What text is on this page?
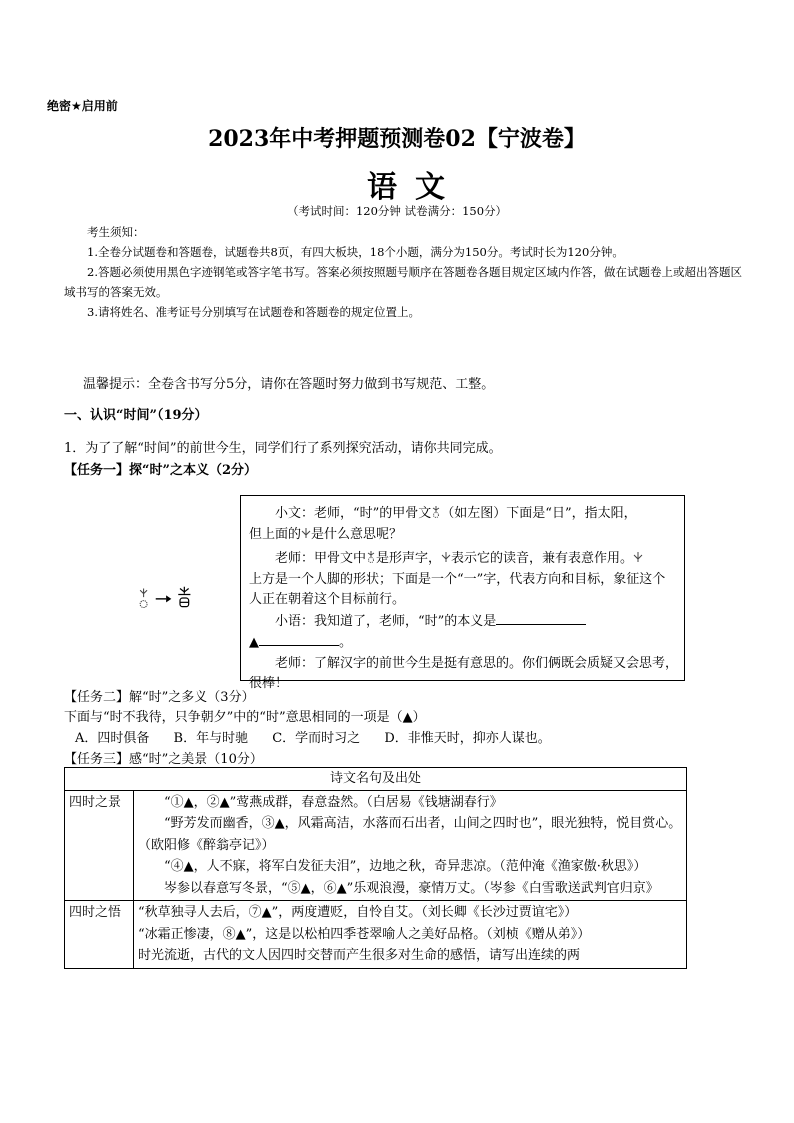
绝密★启用前
2023年中考押题预测卷02【宁波卷】
语文
（考试时间：120分钟 试卷满分：150分）

考生须知：

1.全卷分试题卷和答题卷，试题卷共8页，有四大板块，18个小题，满分为150分。考试时长为120分钟。

2.答题必须使用黑色字迹钢笔或答字笔书写。答案必须按照题号顺序在答题卷各题目规定区域内作答，做在试题卷上或超出答题区域书写的答案无效。

3.请将姓名、准考证号分别填写在试题卷和答题卷的规定位置上。

温馨提示：全卷含书写分5分，请你在答题时努力做到书写规范、工整。
一、认识“时间”（19分）
1．为了了解“时间”的前世今生，同学们行了系列探究活动，请你共同完成。
【任务一】探“时”之本义（2分）

小文：老师，“时”的甲骨文 （如左图）下面是“日”，指太阳，

但上面的 是什么意思呢？

老师：甲骨文中 是形声字， 表示它的读音，兼有表意作用。

上方是一个人脚的形状；下面是一个“一”字，代表方向和目标，象征这个人正在朝着这个目标前行。

小语：我知道了，老师，“时”的本义是

▲	。

老师：了解汉字的前世今生是挺有意思的。你们俩既会质疑又会思考，很棒！

【任务二】解“时”之多义（3分）
下面与“时不我待，只争朝夕”中的“时”意思相同的一项是（▲）
A．四时俱备 B．年与时驰 C．学而时习之 D．非惟天时，抑亦人谋也。
【任务三】感“时”之美景（10分）
诗文名句及出处	
四时之景	“①▲，②▲”莺燕成群，春意盎然。（白居易《钱塘湖春行》

“野芳发而幽香，③▲，风霜高洁，水落而石出者，山间之四时也”，眼光独特，悦目赏心。（欧阳修《醉翁亭记》）

“④▲，人不寐，将军白发征夫泪”，边地之秋，奇异悲凉。（范仲淹《渔家傲·秋思》）

岑参以春意写冬景，“⑤▲，⑥▲”乐观浪漫，豪情万丈。（岑参《白雪歌送武判官归京》

四时之悟	“秋草独寻人去后，⑦▲”，两度遭贬，自怜自艾。（刘长卿《长沙过贾谊宅》）

“冰霜正惨凄，⑧▲”，这是以松柏四季苍翠喻人之美好品格。（刘桢《赠从弟》）

时光流逝，古代的文人因四时交替而产生很多对生命的感悟，请写出连续的两
